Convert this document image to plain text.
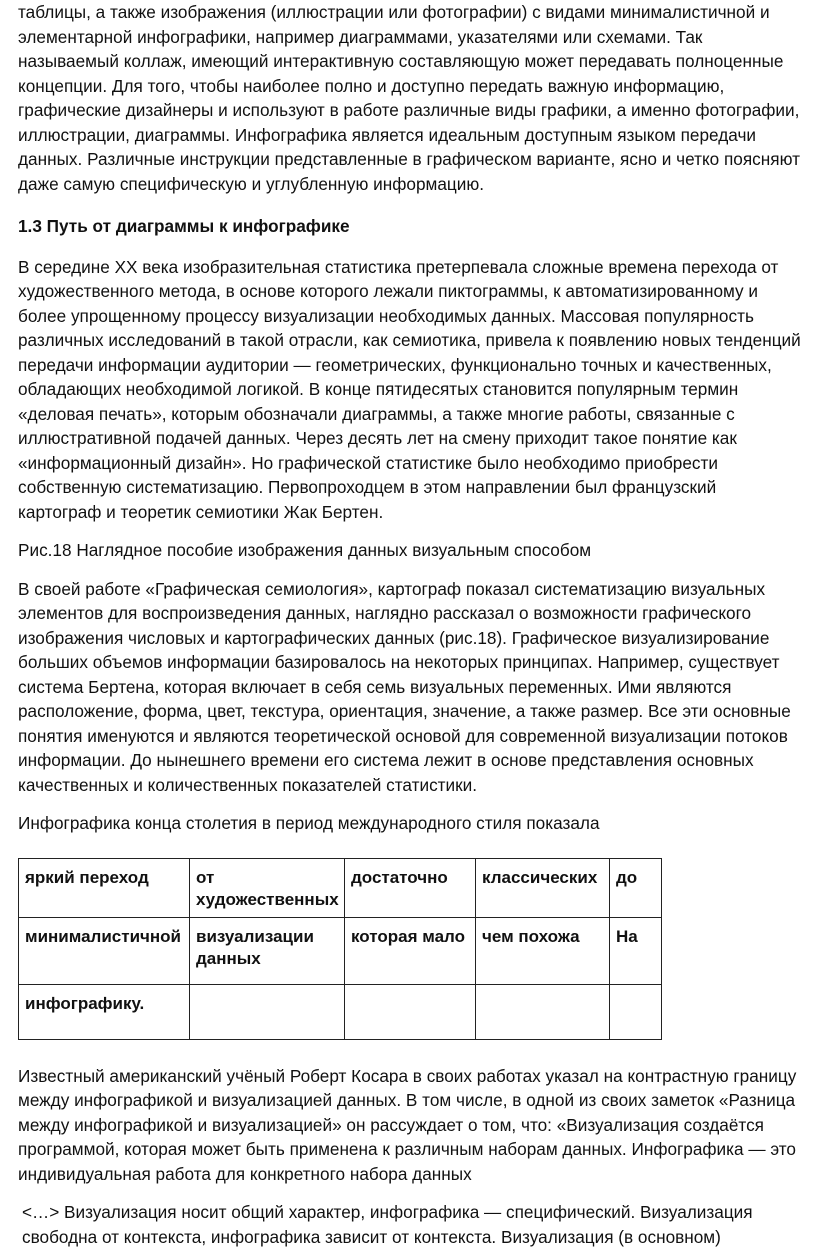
таблицы, а также изображения (иллюстрации или фотографии) с видами минималистичной и элементарной инфографики, например диаграммами, указателями или схемами. Так называемый коллаж, имеющий интерактивную составляющую может передавать полноценные концепции. Для того, чтобы наиболее полно и доступно передать важную информацию, графические дизайнеры и используют в работе различные виды графики, а именно фотографии, иллюстрации, диаграммы. Инфографика является идеальным доступным языком передачи данных. Различные инструкции представленные в графическом варианте, ясно и четко поясняют даже самую специфическую и углубленную информацию.

1.3 Путь от диаграммы к инфографике

В середине XX века изобразительная статистика претерпевала сложные времена перехода от художественного метода, в основе которого лежали пиктограммы, к автоматизированному и более упрощенному процессу визуализации необходимых данных. Массовая популярность различных исследований в такой отрасли, как семиотика, привела к появлению новых тенденций передачи информации аудитории — геометрических, функционально точных и качественных, обладающих необходимой логикой. В конце пятидесятых становится популярным термин «деловая печать», которым обозначали диаграммы, а также многие работы, связанные с иллюстративной подачей данных. Через десять лет на смену приходит такое понятие как «информационный дизайн». Но графической статистике было необходимо приобрести собственную систематизацию. Первопроходцем в этом направлении был французский картограф и теоретик семиотики Жак Бертен.

Рис.18 Наглядное пособие изображения данных визуальным способом

В своей работе «Графическая семиология», картограф показал систематизацию визуальных элементов для воспроизведения данных, наглядно рассказал о возможности графического изображения числовых и картографических данных (рис.18). Графическое визуализирование больших объемов информации базировалось на некоторых принципах. Например, существует система Бертена, которая включает в себя семь визуальных переменных. Ими являются расположение, форма, цвет, текстура, ориентация, значение, а также размер. Все эти основные понятия именуются и являются теоретической основой для современной визуализации потоков информации. До нынешнего времени его система лежит в основе представления основных качественных и количественных показателей статистики.

Инфографика конца столетия в период международного стиля показала

яркий переход	от художественных	достаточно	классических	до
минималистичной	визуализации данных	которая мало	чем похожа	На
инфографику.				

Известный американский учёный Роберт Косара в своих работах указал на контрастную границу между инфографикой и визуализацией данных. В том числе, в одной из своих заметок «Разница между инфографикой и визуализацией» он рассуждает о том, что: «Визуализация создаётся программой, которая может быть применена к различным наборам данных. Инфографика — это индивидуальная работа для конкретного набора данных

<…> Визуализация носит общий характер, инфографика — специфический. Визуализация свободна от контекста, инфографика зависит от контекста. Визуализация (в основном)
